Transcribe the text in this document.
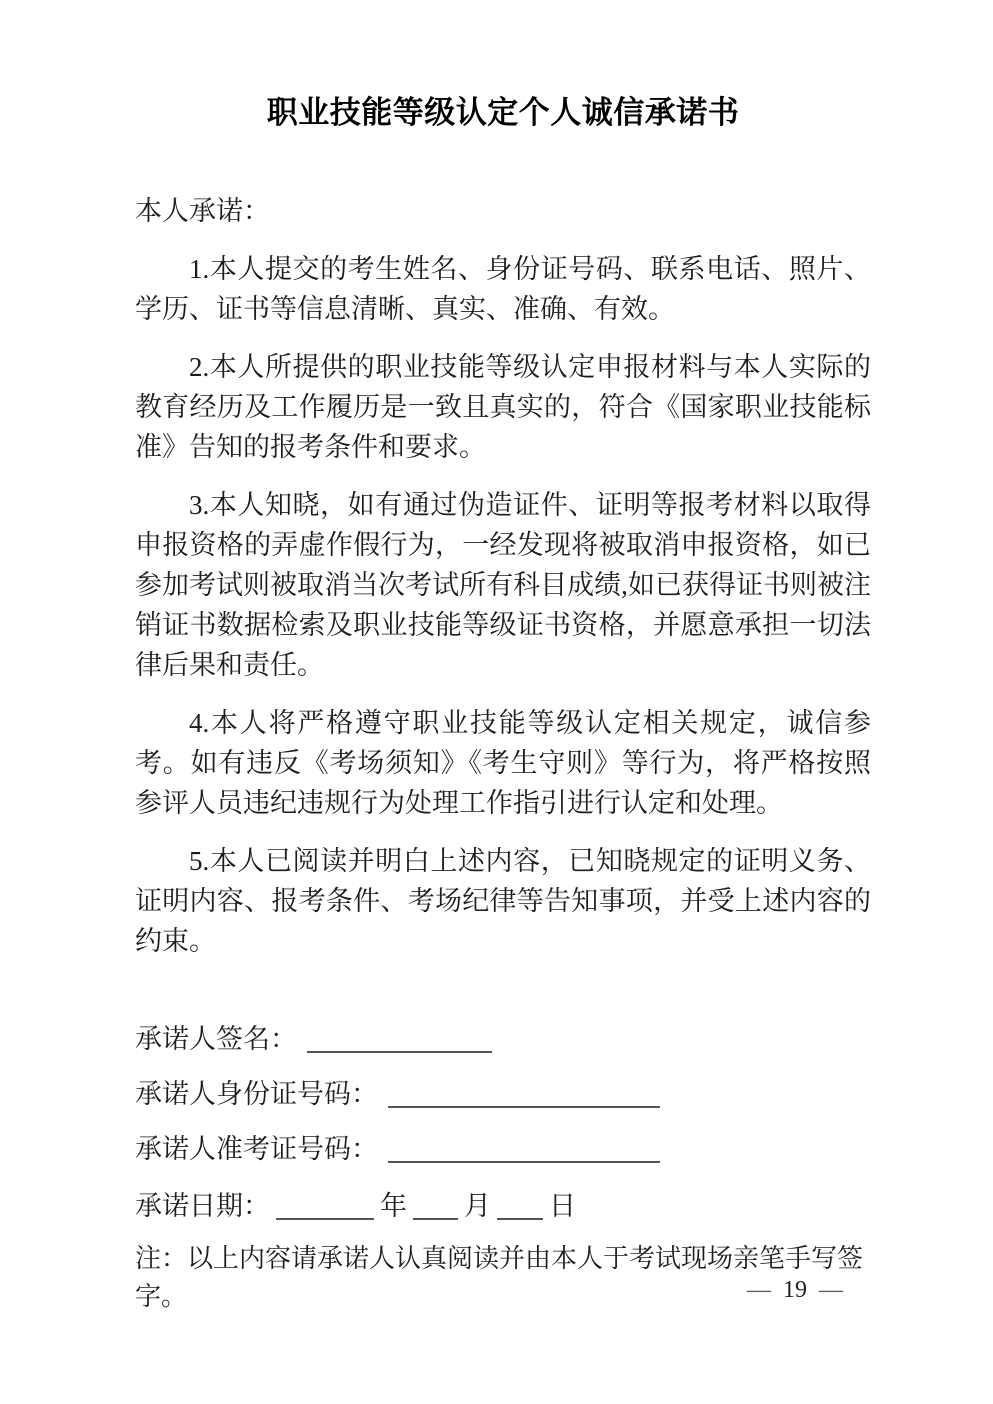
职业技能等级认定个人诚信承诺书

本人承诺：

1.本人提交的考生姓名、身份证号码、联系电话、照片、学历、证书等信息清晰、真实、准确、有效。

2.本人所提供的职业技能等级认定申报材料与本人实际的教育经历及工作履历是一致且真实的，符合《国家职业技能标准》告知的报考条件和要求。

3.本人知晓，如有通过伪造证件、证明等报考材料以取得申报资格的弄虚作假行为，一经发现将被取消申报资格，如已参加考试则被取消当次考试所有科目成绩,如已获得证书则被注销证书数据检索及职业技能等级证书资格，并愿意承担一切法律后果和责任。

4.本人将严格遵守职业技能等级认定相关规定，诚信参考。如有违反《考场须知》《考生守则》等行为，将严格按照参评人员违纪违规行为处理工作指引进行认定和处理。

5.本人已阅读并明白上述内容，已知晓规定的证明义务、证明内容、报考条件、考场纪律等告知事项，并受上述内容的约束。

承诺人签名：
承诺人身份证号码：
承诺人准考证号码：
承诺日期：	年 月 日
注：以上内容请承诺人认真阅读并由本人于考试现场亲笔手写签字。	— 19 —
